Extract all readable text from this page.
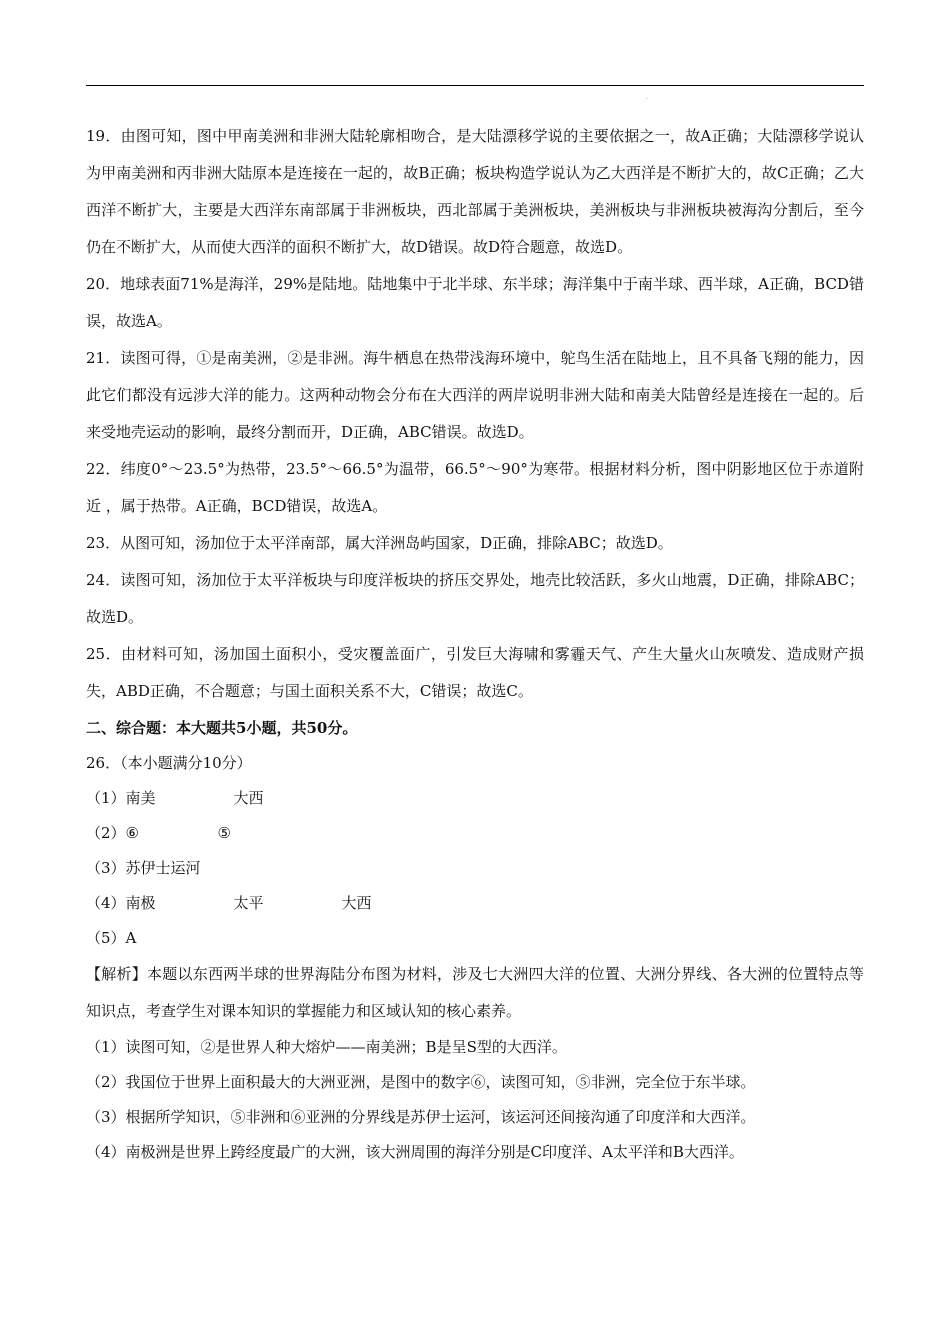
.

19．由图可知，图中甲南美洲和非洲大陆轮廓相吻合，是大陆漂移学说的主要依据之一，故A正确；大陆漂移学说认为甲南美洲和丙非洲大陆原本是连接在一起的，故B正确；板块构造学说认为乙大西洋是不断扩大的，故C正确；乙大西洋不断扩大，主要是大西洋东南部属于非洲板块，西北部属于美洲板块，美洲板块与非洲板块被海沟分割后，至今仍在不断扩大，从而使大西洋的面积不断扩大，故D错误。故D符合题意，故选D。

20．地球表面71%是海洋，29%是陆地。陆地集中于北半球、东半球；海洋集中于南半球、西半球，A正确，BCD错误，故选A。

21．读图可得，①是南美洲，②是非洲。海牛栖息在热带浅海环境中，鸵鸟生活在陆地上，且不具备飞翔的能力，因此它们都没有远涉大洋的能力。这两种动物会分布在大西洋的两岸说明非洲大陆和南美大陆曾经是连接在一起的。后来受地壳运动的影响，最终分割而开，D正确，ABC错误。故选D。

22．纬度0°～23.5°为热带，23.5°～66.5°为温带，66.5°～90°为寒带。根据材料分析，图中阴影地区位于赤道附近 ，属于热带。A正确，BCD错误，故选A。

23．从图可知，汤加位于太平洋南部，属大洋洲岛屿国家，D正确，排除ABC；故选D。

24．读图可知，汤加位于太平洋板块与印度洋板块的挤压交界处，地壳比较活跃，多火山地震，D正确，排除ABC；故选D。

25．由材料可知，汤加国土面积小，受灾覆盖面广，引发巨大海啸和雾霾天气、产生大量火山灰喷发、造成财产损失，ABD正确，不合题意；与国土面积关系不大，C错误；故选C。

二、综合题：本大题共5小题，共50分。

26．（本小题满分10分）

（1）南美	大西

（2）⑥	⑤

（3）苏伊士运河

（4）南极	太平	大西

（5）A

【解析】本题以东西两半球的世界海陆分布图为材料，涉及七大洲四大洋的位置、大洲分界线、各大洲的位置特点等知识点，考查学生对课本知识的掌握能力和区域认知的核心素养。

（1）读图可知，②是世界人种大熔炉——南美洲；B是呈S型的大西洋。

（2）我国位于世界上面积最大的大洲亚洲，是图中的数字⑥，读图可知，⑤非洲，完全位于东半球。

（3）根据所学知识，⑤非洲和⑥亚洲的分界线是苏伊士运河，该运河还间接沟通了印度洋和大西洋。

（4）南极洲是世界上跨经度最广的大洲，该大洲周围的海洋分别是C印度洋、A太平洋和B大西洋。
